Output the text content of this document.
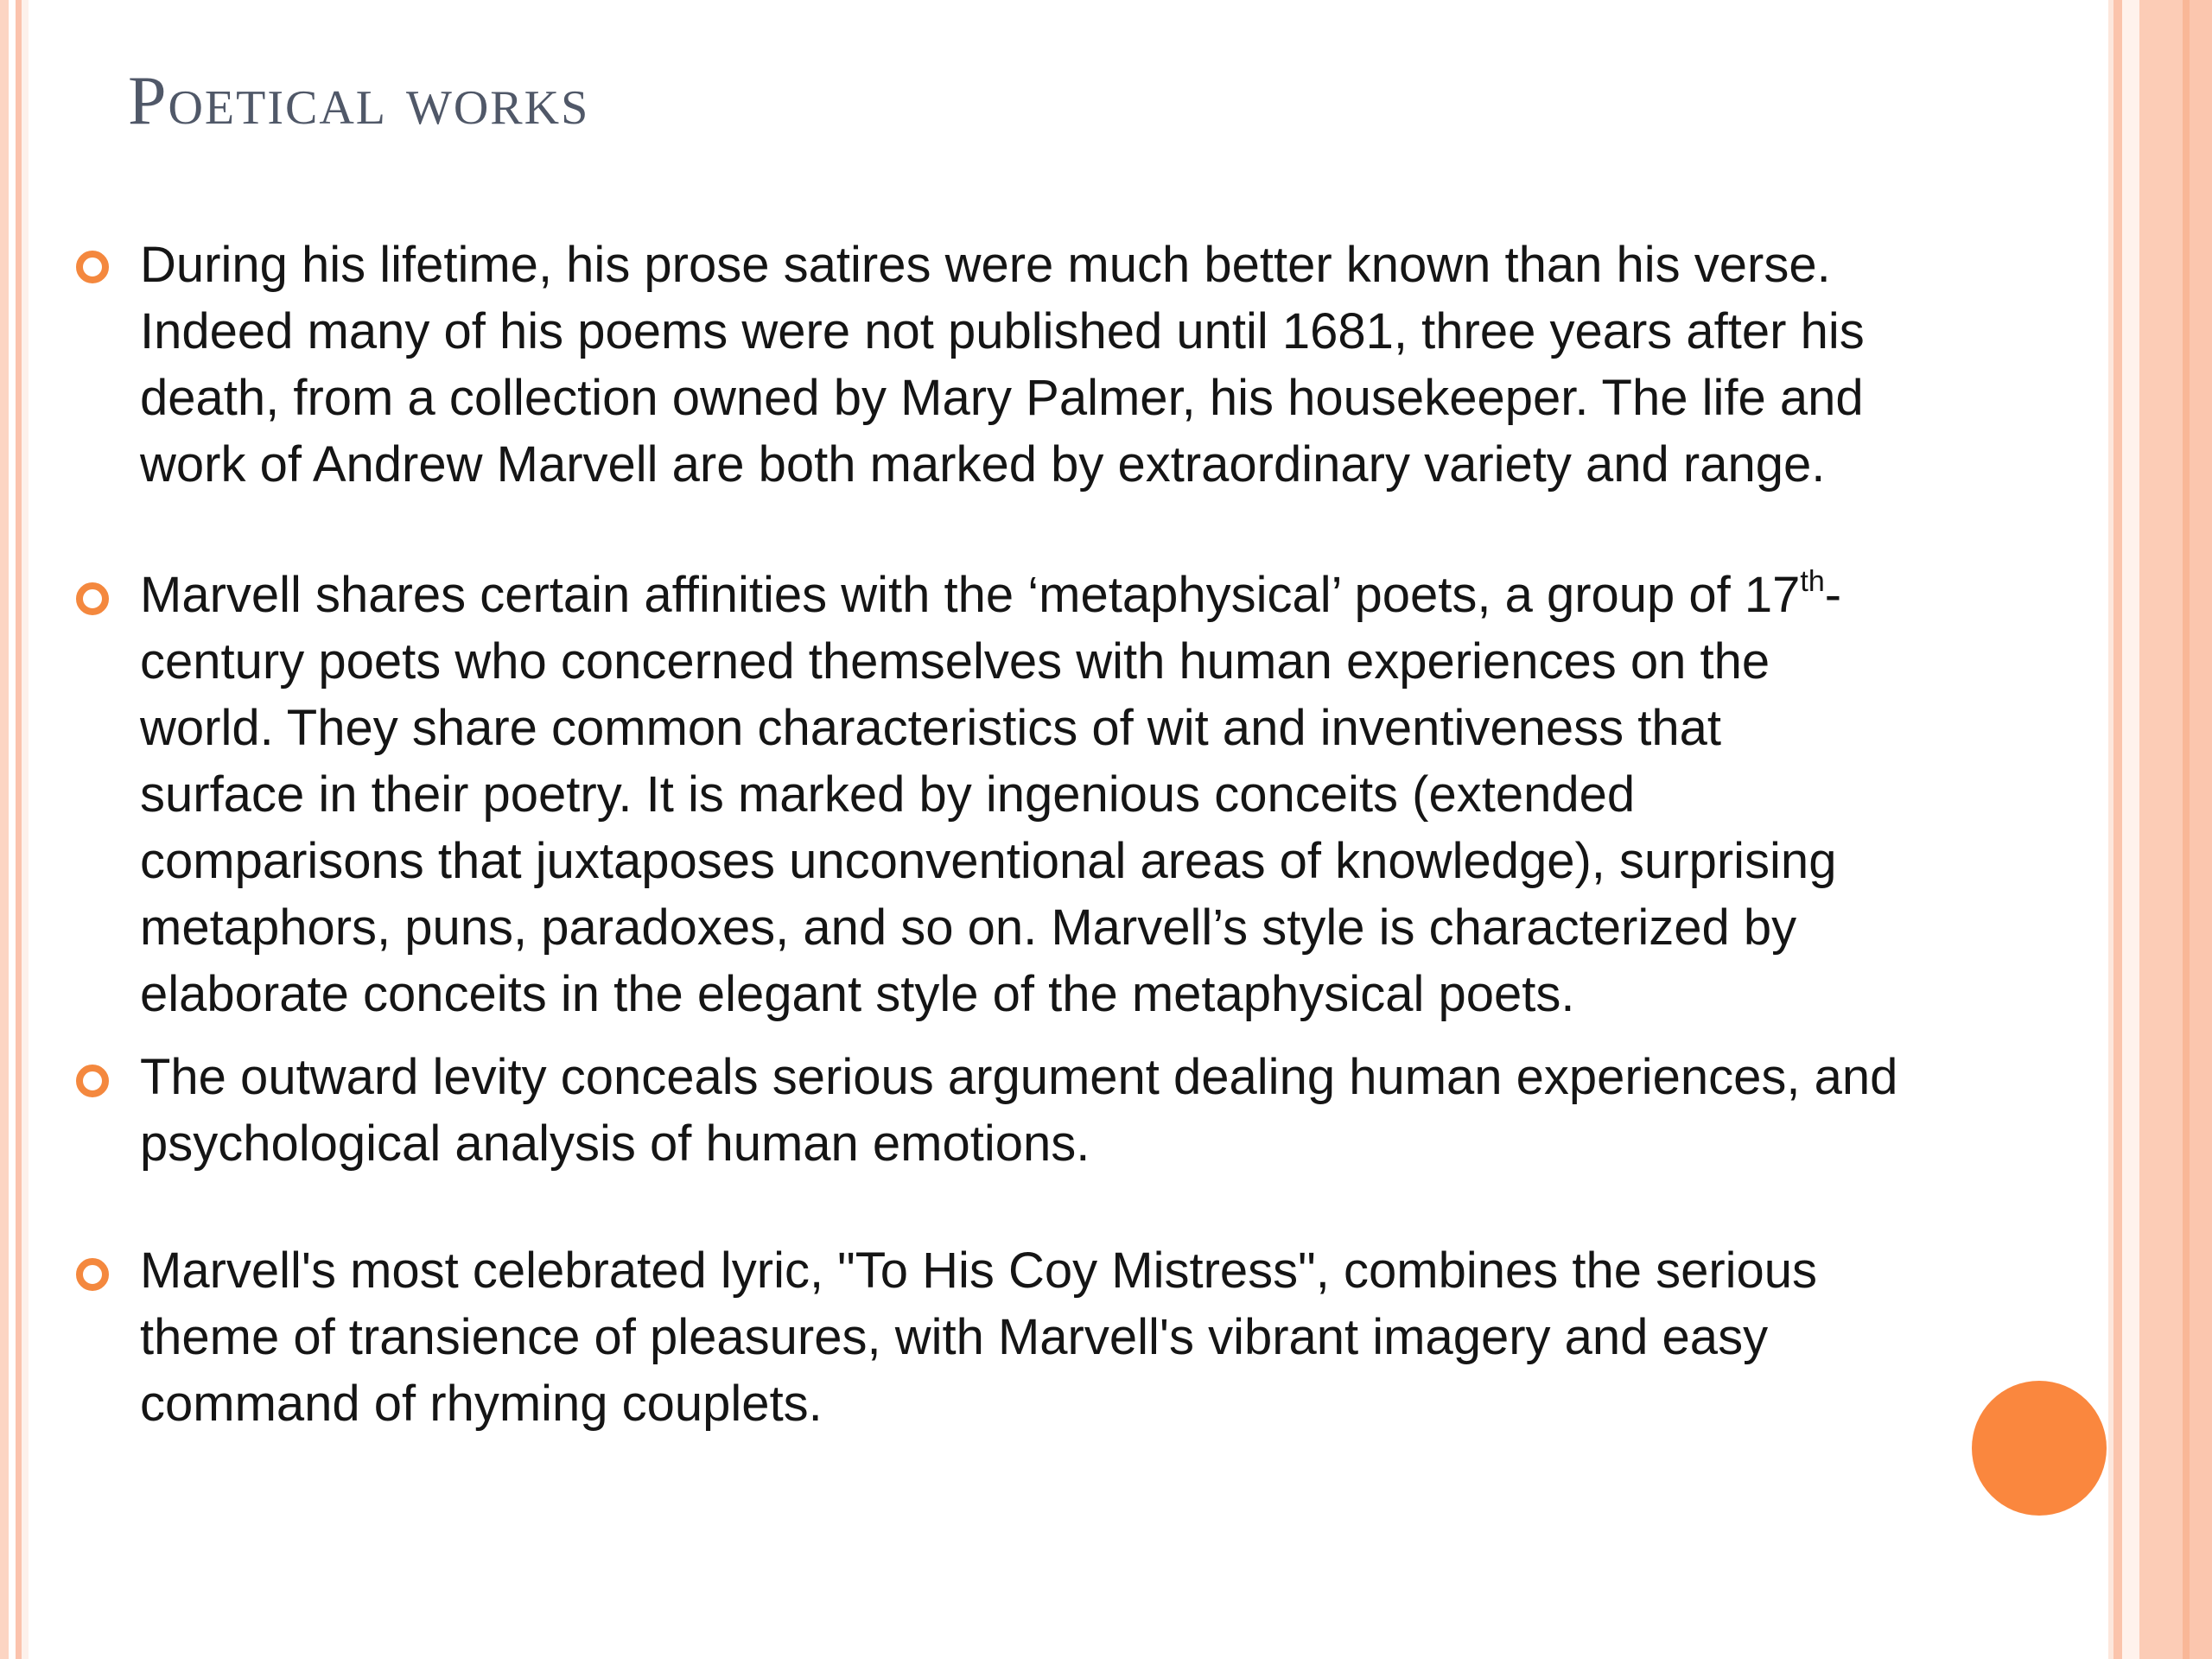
Poetical works
During his lifetime, his prose satires were much better known than his verse.
Indeed many of his poems were not published until 1681, three years after his
death, from a collection owned by Mary Palmer, his housekeeper. The life and
work of Andrew Marvell are both marked by extraordinary variety and range.
Marvell shares certain affinities with the ‘metaphysical’ poets, a group of 17th-
century poets who concerned themselves with human experiences on the
world. They share common characteristics of wit and inventiveness that
surface in their poetry. It is marked by ingenious conceits (extended
comparisons that juxtaposes unconventional areas of knowledge), surprising
metaphors, puns, paradoxes, and so on. Marvell’s style is characterized by
elaborate conceits in the elegant style of the metaphysical poets.
The outward levity conceals serious argument dealing human experiences, and
psychological analysis of human emotions.
Marvell's most celebrated lyric, "To His Coy Mistress", combines the serious
theme of transience of pleasures, with Marvell's vibrant imagery and easy
command of rhyming couplets.
